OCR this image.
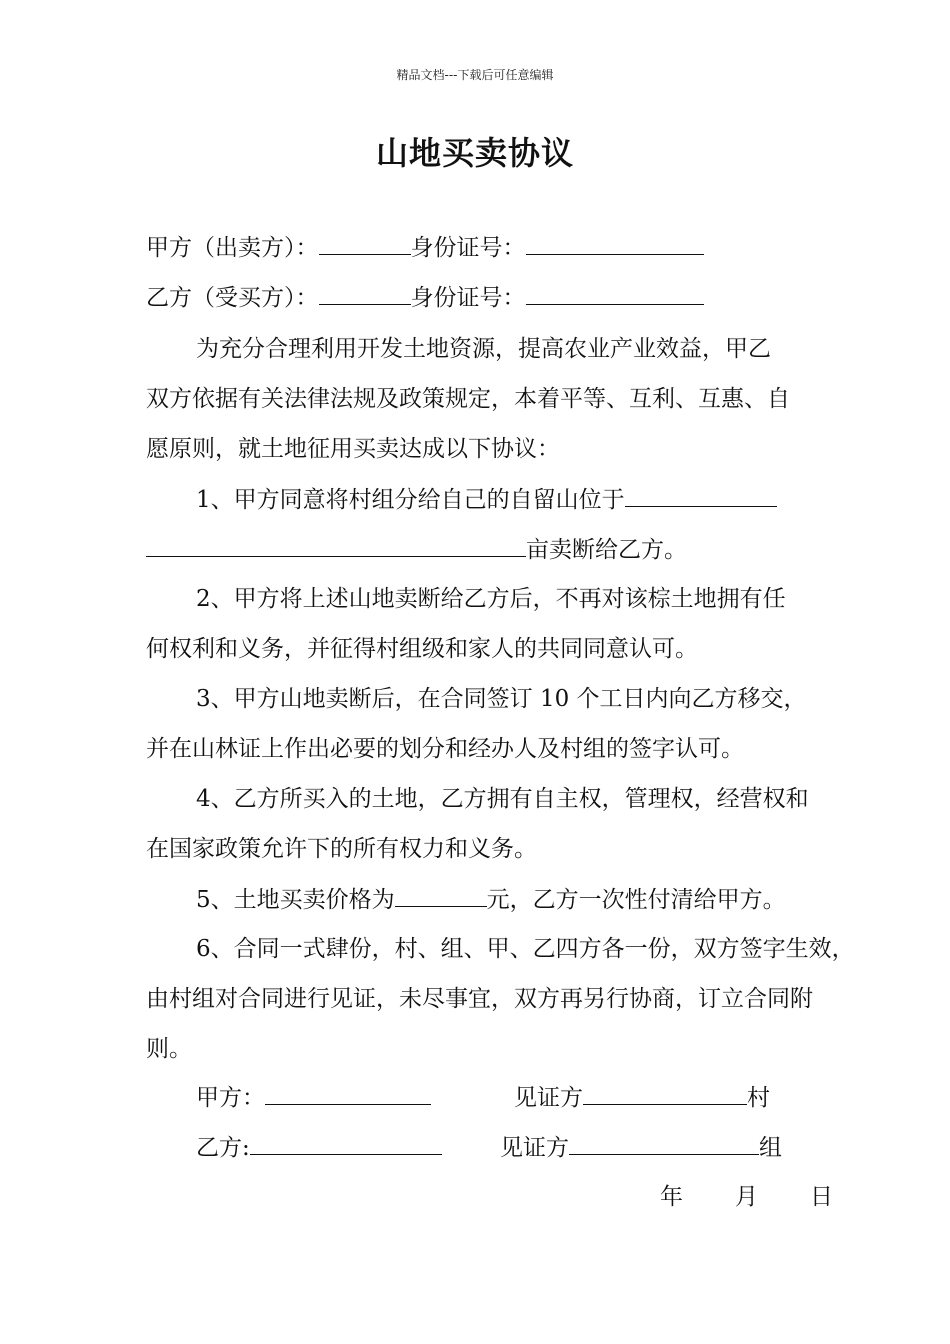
精品文档---下载后可任意编辑
山地买卖协议
甲方（出卖方）：	身份证号：
乙方（受买方）：	身份证号：
为充分合理利用开发土地资源，提高农业产业效益，甲乙
双方依据有关法律法规及政策规定，本着平等、互利、互惠、自
愿原则，就土地征用买卖达成以下协议：
1、甲方同意将村组分给自己的自留山位于
亩卖断给乙方。
2、甲方将上述山地卖断给乙方后，不再对该棕土地拥有任
何权利和义务，并征得村组级和家人的共同同意认可。
3、甲方山地卖断后，在合同签订 10 个工日内向乙方移交，
并在山林证上作出必要的划分和经办人及村组的签字认可。
4、乙方所买入的土地，乙方拥有自主权，管理权，经营权和
在国家政策允许下的所有权力和义务。
5、土地买卖价格为	元，乙方一次性付清给甲方。
6、合同一式肆份，村、组、甲、乙四方各一份，双方签字生效，
由村组对合同进行见证，未尽事宜，双方再另行协商，订立合同附
则。
甲方：	见证方	村
乙方:	见证方	组
年 月 日
